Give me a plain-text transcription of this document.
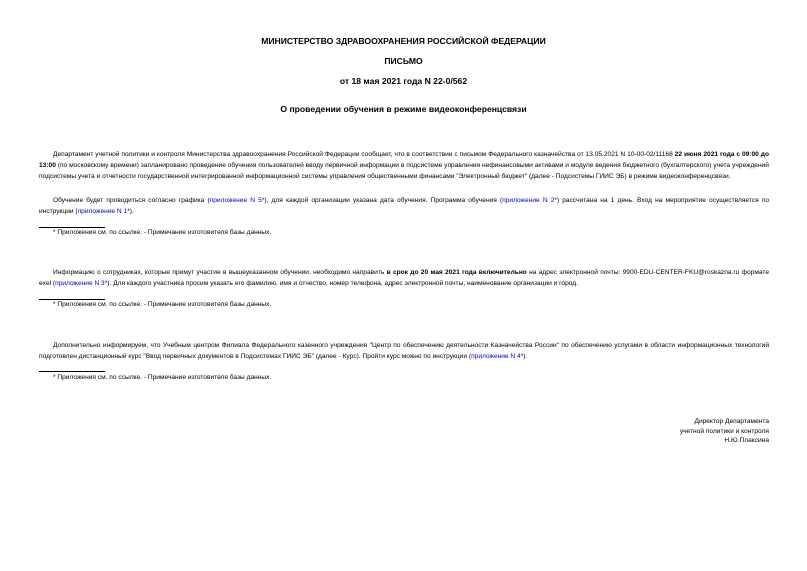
МИНИСТЕРСТВО ЗДРАВООХРАНЕНИЯ РОССИЙСКОЙ ФЕДЕРАЦИИ
ПИСЬМО
от 18 мая 2021 года N 22-0/562
О проведении обучения в режиме видеоконференцсвязи

Департамент учетной политики и контроля Министерства здравоохранения Российской Федерации сообщает, что в соответствии с письмом Федерального казначейства от 13.05.2021 N 10-00-02/11168 22 июня 2021 года с 09:00 до 13:00 (по московскому времени) запланировано проведение обучения пользователей вводу первичной информации в подсистеме управления нефинансовыми активами и модуле ведения бюджетного (бухгалтерского) учета учреждений подсистемы учета и отчетности государственной интегрированной информационной системы управления общественными финансами "Электронный бюджет" (далее - Подсистемы ГИИС ЭБ) в режиме видеоконференцсвязи.

Обучение будет проводиться согласно графика (приложение N 5*), для каждой организации указана дата обучения. Программа обучения (приложение N 2*) рассчитана на 1 день. Вход на мероприятие осуществляется по инструкции (приложение N 1*).

* Приложения см. по ссылке. - Примечание изготовителя базы данных.

Информацию о сотрудниках, которые примут участие в вышеуказанном обучении, необходимо направить в срок до 20 мая 2021 года включительно на адрес электронной почты: 9900-EDU-CENTER-FKU@roskazna.ru формате exel (приложение N 3*). Для каждого участника просим указать его фамилию, имя и отчество, номер телефона, адрес электронной почты, наименование организации и город.

* Приложения см. по ссылке. - Примечание изготовителя базы данных.

Дополнительно информируем, что Учебным центром Филиала Федерального казенного учреждения "Центр по обеспечению деятельности Казначейства России" по обеспечению услугами в области информационных технологий подготовлен дистанционный курс "Ввод первичных документов в Подсистемах ГИИС ЭБ" (далее - Курс). Пройти курс можно по инструкции (приложение N 4*).

* Приложения см. по ссылке. - Примечание изготовителя базы данных.
Директор Департамента
учетной политики и контроля
Н.Ю.Плаксина
